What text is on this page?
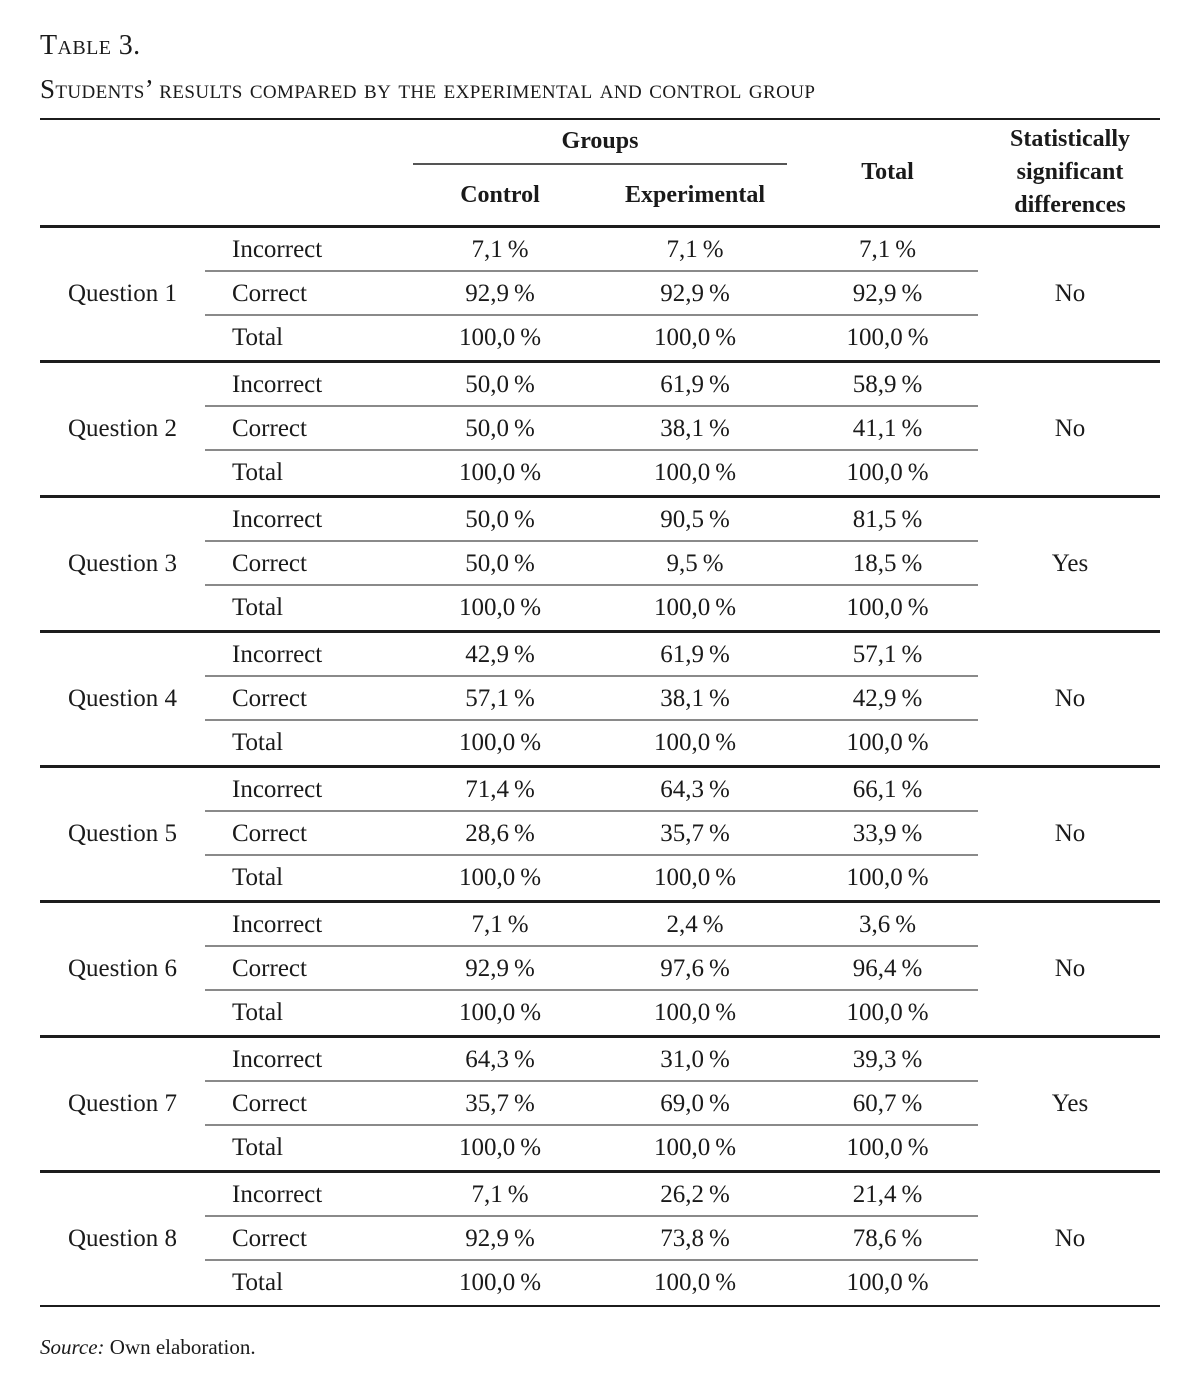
Table 3.
Students’ results compared by the experimental and control group
Groups
Control	Experimental
Total
Statistically
significant
differences
Question 1
Incorrect	7,1 %	7,1 %	7,1 %
Correct	92,9 %	92,9 %	92,9 %
Total	100,0 %	100,0 %	100,0 %
No
Question 2
Incorrect	50,0 %	61,9 %	58,9 %
Correct	50,0 %	38,1 %	41,1 %
Total	100,0 %	100,0 %	100,0 %
No
Question 3
Incorrect	50,0 %	90,5 %	81,5 %
Correct	50,0 %	9,5 %	18,5 %
Total	100,0 %	100,0 %	100,0 %
Yes
Question 4
Incorrect	42,9 %	61,9 %	57,1 %
Correct	57,1 %	38,1 %	42,9 %
Total	100,0 %	100,0 %	100,0 %
No
Question 5
Incorrect	71,4 %	64,3 %	66,1 %
Correct	28,6 %	35,7 %	33,9 %
Total	100,0 %	100,0 %	100,0 %
No
Question 6
Incorrect	7,1 %	2,4 %	3,6 %
Correct	92,9 %	97,6 %	96,4 %
Total	100,0 %	100,0 %	100,0 %
No
Question 7
Incorrect	64,3 %	31,0 %	39,3 %
Correct	35,7 %	69,0 %	60,7 %
Total	100,0 %	100,0 %	100,0 %
Yes
Question 8
Incorrect	7,1 %	26,2 %	21,4 %
Correct	92,9 %	73,8 %	78,6 %
Total	100,0 %	100,0 %	100,0 %
No
Source: Own elaboration.
